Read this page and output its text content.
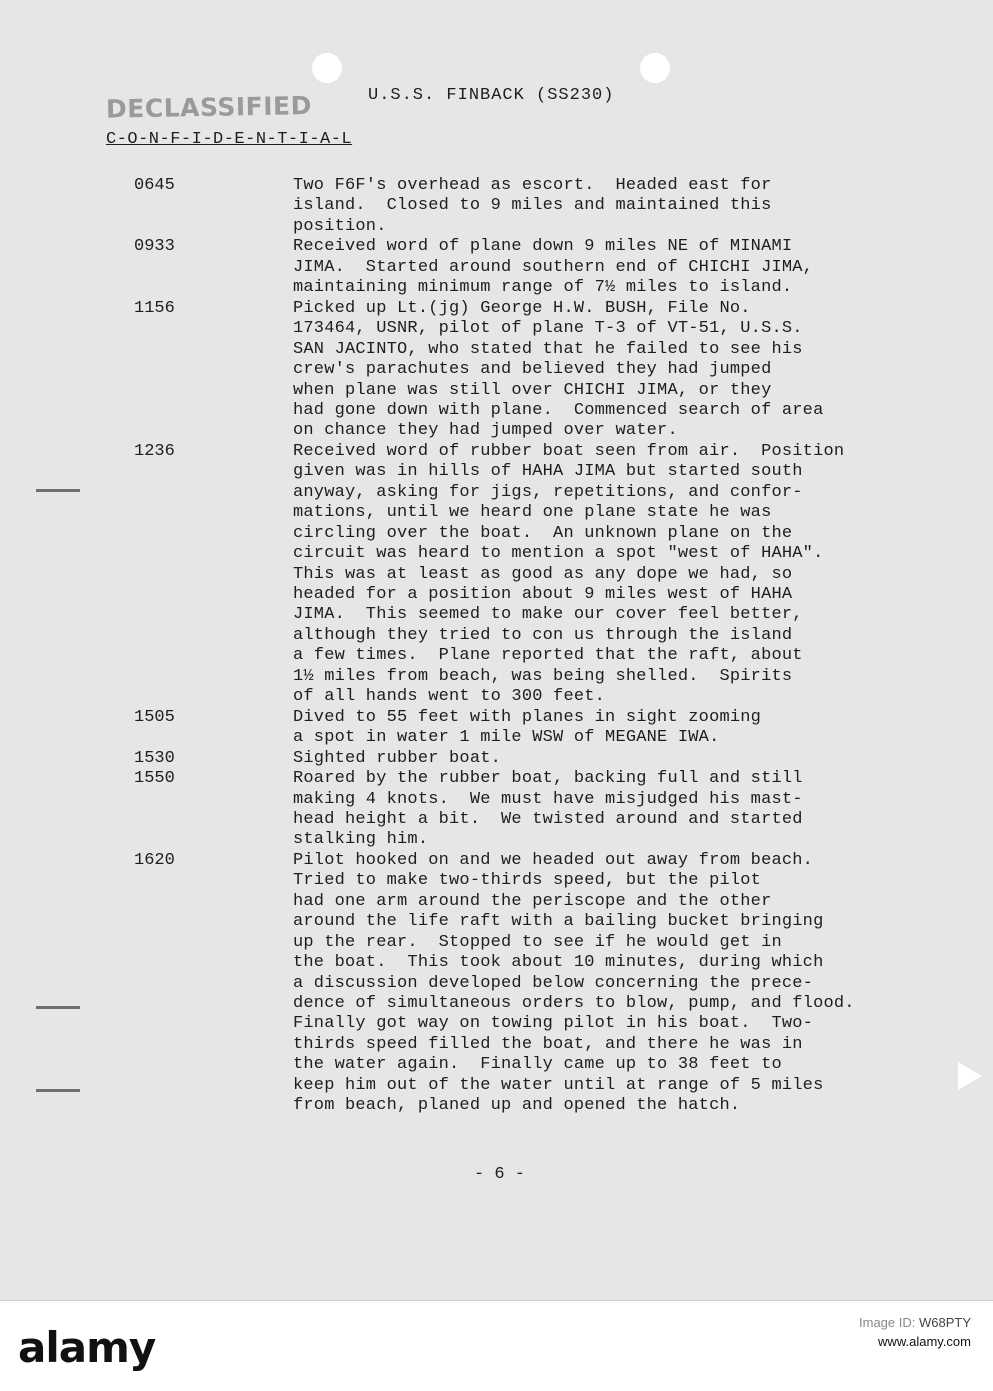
DECLASSIFIED	U.S.S. FINBACK (SS230)
C-O-N-F-I-D-E-N-T-I-A-L
0645	Two F6F's overhead as escort.  Headed east for
island.  Closed to 9 miles and maintained this
position.
0933	Received word of plane down 9 miles NE of MINAMI
JIMA.  Started around southern end of CHICHI JIMA,
maintaining minimum range of 7½ miles to island.
1156	Picked up Lt.(jg) George H.W. BUSH, File No.
173464, USNR, pilot of plane T-3 of VT-51, U.S.S.
SAN JACINTO, who stated that he failed to see his
crew's parachutes and believed they had jumped
when plane was still over CHICHI JIMA, or they
had gone down with plane.  Commenced search of area
on chance they had jumped over water.
1236	Received word of rubber boat seen from air.  Position
given was in hills of HAHA JIMA but started south
anyway, asking for jigs, repetitions, and confor-
mations, until we heard one plane state he was
circling over the boat.  An unknown plane on the
circuit was heard to mention a spot "west of HAHA".
This was at least as good as any dope we had, so
headed for a position about 9 miles west of HAHA
JIMA.  This seemed to make our cover feel better,
although they tried to con us through the island
a few times.  Plane reported that the raft, about
1½ miles from beach, was being shelled.  Spirits
of all hands went to 300 feet.
1505	Dived to 55 feet with planes in sight zooming
a spot in water 1 mile WSW of MEGANE IWA.
1530	Sighted rubber boat.
1550	Roared by the rubber boat, backing full and still
making 4 knots.  We must have misjudged his mast-
head height a bit.  We twisted around and started
stalking him.
1620	Pilot hooked on and we headed out away from beach.
Tried to make two-thirds speed, but the pilot
had one arm around the periscope and the other
around the life raft with a bailing bucket bringing
up the rear.  Stopped to see if he would get in
the boat.  This took about 10 minutes, during which
a discussion developed below concerning the prece-
dence of simultaneous orders to blow, pump, and flood.
Finally got way on towing pilot in his boat.  Two-
thirds speed filled the boat, and there he was in
the water again.  Finally came up to 38 feet to
keep him out of the water until at range of 5 miles
from beach, planed up and opened the hatch.
- 6 -
alamy
Image ID: W68PTY
www.alamy.com
